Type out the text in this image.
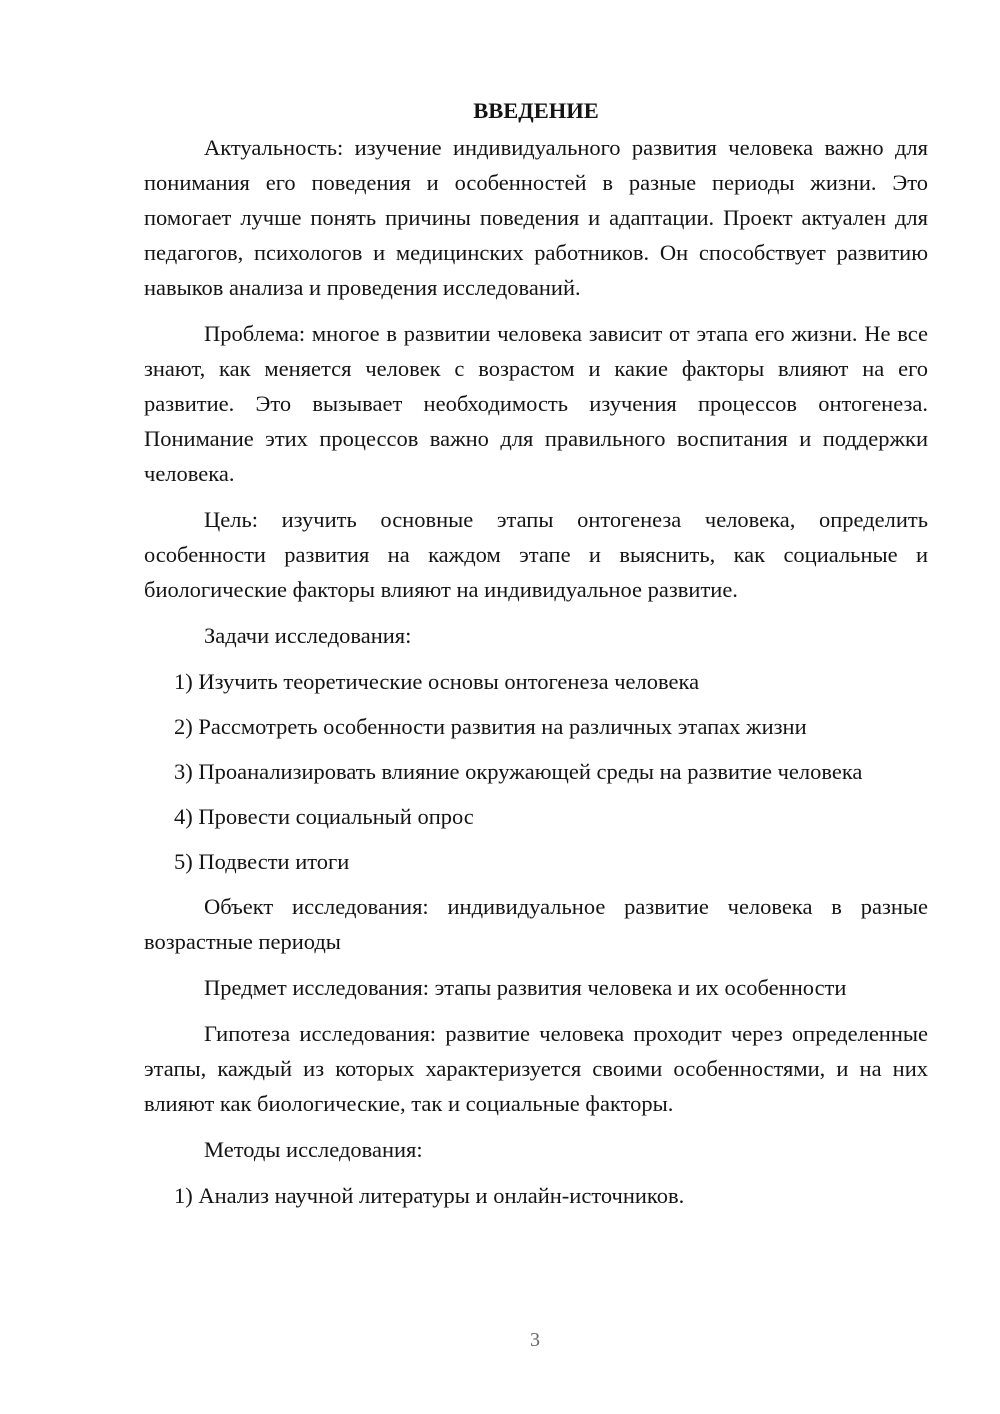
ВВЕДЕНИЕ

Актуальность: изучение индивидуального развития человека важно для понимания его поведения и особенностей в разные периоды жизни. Это помогает лучше понять причины поведения и адаптации. Проект актуален для педагогов, психологов и медицинских работников. Он способствует развитию навыков анализа и проведения исследований.

Проблема: многое в развитии человека зависит от этапа его жизни. Не все знают, как меняется человек с возрастом и какие факторы влияют на его развитие. Это вызывает необходимость изучения процессов онтогенеза. Понимание этих процессов важно для правильного воспитания и поддержки человека.

Цель: изучить основные этапы онтогенеза человека, определить особенности развития на каждом этапе и выяснить, как социальные и биологические факторы влияют на индивидуальное развитие.

Задачи исследования:

1) Изучить теоретические основы онтогенеза человека

2) Рассмотреть особенности развития на различных этапах жизни

3) Проанализировать влияние окружающей среды на развитие человека

4) Провести социальный опрос

5) Подвести итоги

Объект исследования: индивидуальное развитие человека в разные возрастные периоды

Предмет исследования: этапы развития человека и их особенности

Гипотеза исследования: развитие человека проходит через определенные этапы, каждый из которых характеризуется своими особенностями, и на них влияют как биологические, так и социальные факторы.

Методы исследования:

1) Анализ научной литературы и онлайн-источников.

3
